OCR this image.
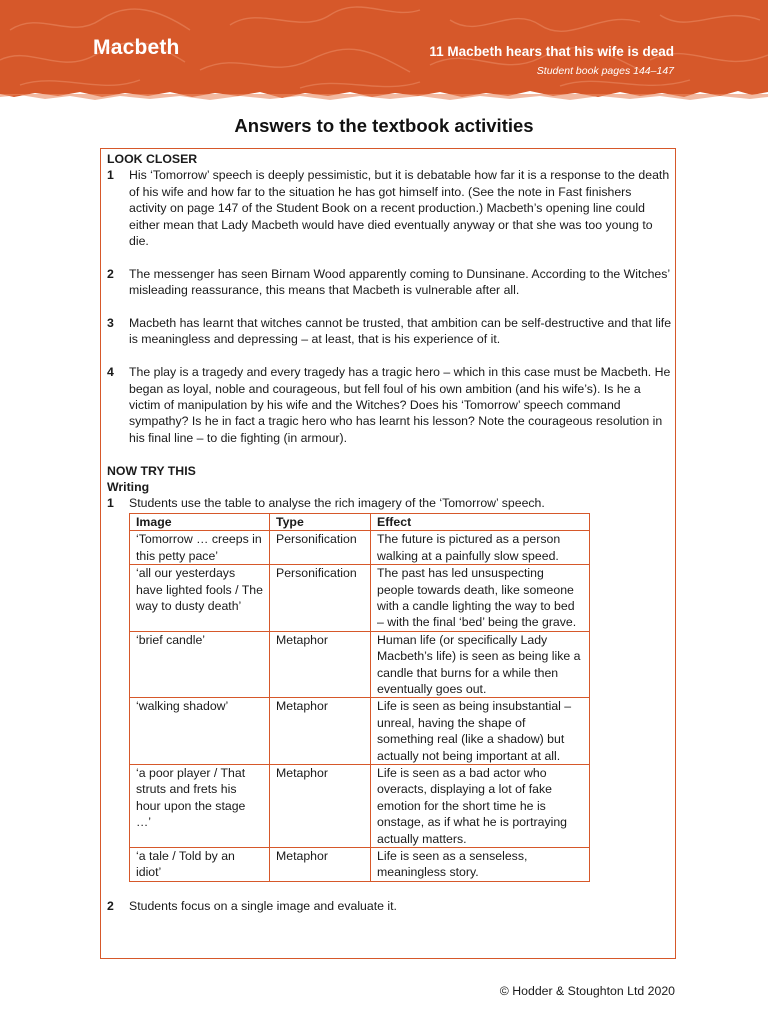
Macbeth	11 Macbeth hears that his wife is dead
Student book pages 144–147
Answers to the textbook activities
LOOK CLOSER
1	His ‘Tomorrow’ speech is deeply pessimistic, but it is debatable how far it is a response to the death of his wife and how far to the situation he has got himself into. (See the note in Fast finishers activity on page 147 of the Student Book on a recent production.) Macbeth’s opening line could either mean that Lady Macbeth would have died eventually anyway or that she was too young to die.
2	The messenger has seen Birnam Wood apparently coming to Dunsinane. According to the Witches’ misleading reassurance, this means that Macbeth is vulnerable after all.
3	Macbeth has learnt that witches cannot be trusted, that ambition can be self-destructive and that life is meaningless and depressing – at least, that is his experience of it.
4	The play is a tragedy and every tragedy has a tragic hero – which in this case must be Macbeth. He began as loyal, noble and courageous, but fell foul of his own ambition (and his wife’s). Is he a victim of manipulation by his wife and the Witches? Does his ‘Tomorrow’ speech command sympathy? Is he in fact a tragic hero who has learnt his lesson? Note the courageous resolution in his final line – to die fighting (in armour).
NOW TRY THIS
Writing
1	Students use the table to analyse the rich imagery of the ‘Tomorrow’ speech.
Image	Type	Effect
‘Tomorrow … creeps in this petty pace’	Personification	The future is pictured as a person walking at a painfully slow speed.
‘all our yesterdays have lighted fools / The way to dusty death’	Personification	The past has led unsuspecting people towards death, like someone with a candle lighting the way to bed – with the final ‘bed’ being the grave.
‘brief candle’	Metaphor	Human life (or specifically Lady Macbeth’s life) is seen as being like a candle that burns for a while then eventually goes out.
‘walking shadow’	Metaphor	Life is seen as being insubstantial – unreal, having the shape of something real (like a shadow) but actually not being important at all.
‘a poor player / That struts and frets his hour upon the stage …’	Metaphor	Life is seen as a bad actor who overacts, displaying a lot of fake emotion for the short time he is onstage, as if what he is portraying actually matters.
‘a tale / Told by an idiot’	Metaphor	Life is seen as a senseless, meaningless story.
2	Students focus on a single image and evaluate it.
© Hodder & Stoughton Ltd 2020
